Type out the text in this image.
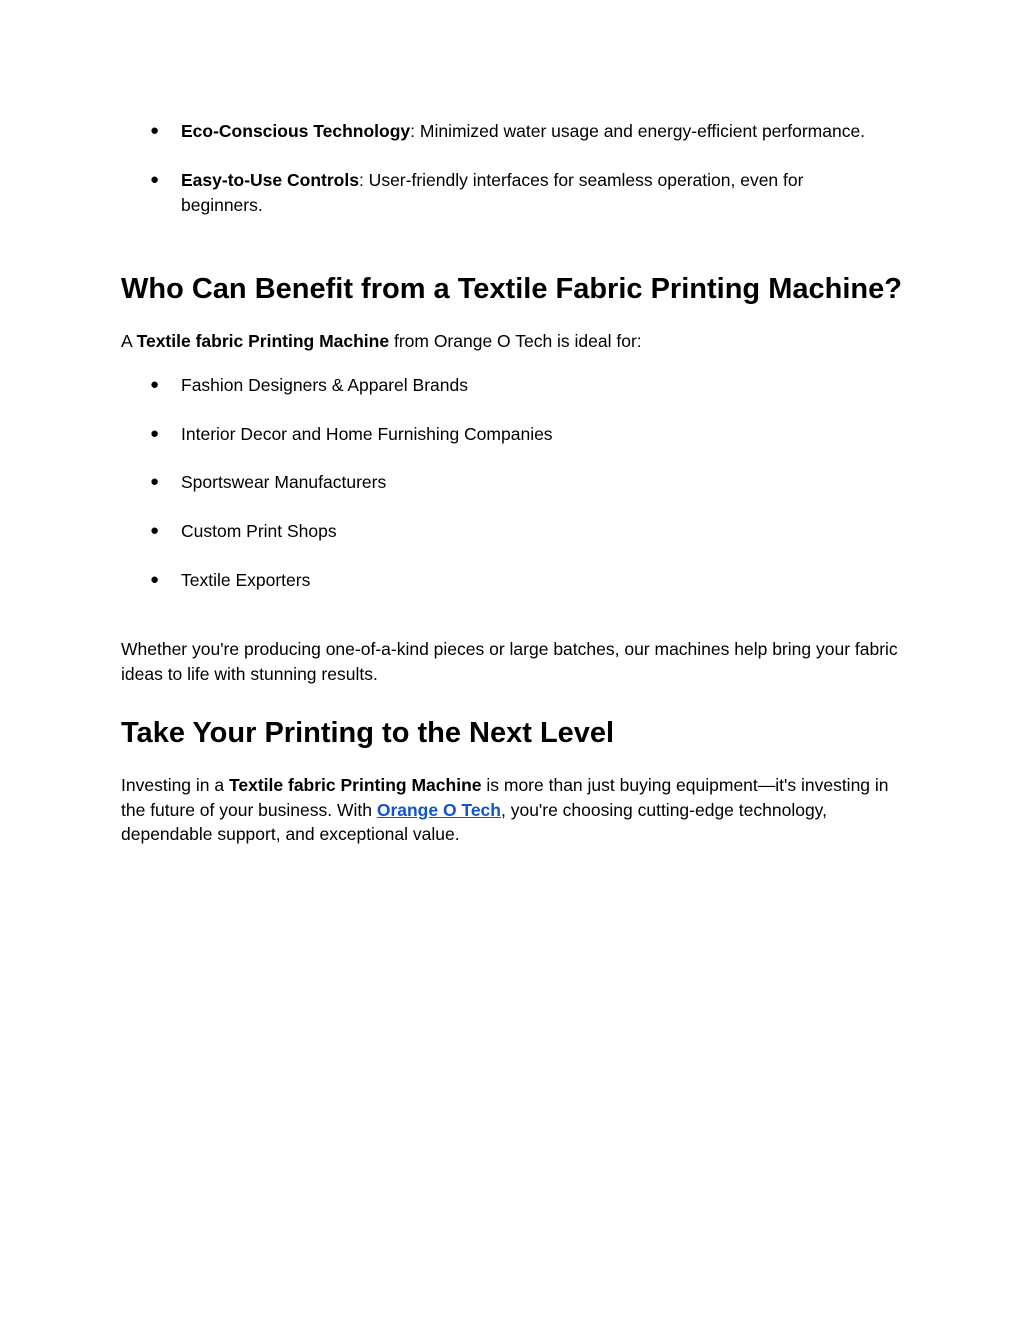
● Eco-Conscious Technology: Minimized water usage and energy-efficient performance.

● Easy-to-Use Controls: User-friendly interfaces for seamless operation, even for beginners.

Who Can Benefit from a Textile Fabric Printing Machine?

A Textile fabric Printing Machine from Orange O Tech is ideal for:

● Fashion Designers & Apparel Brands

● Interior Decor and Home Furnishing Companies

● Sportswear Manufacturers

● Custom Print Shops

● Textile Exporters

Whether you're producing one-of-a-kind pieces or large batches, our machines help bring your fabric ideas to life with stunning results.

Take Your Printing to the Next Level

Investing in a Textile fabric Printing Machine is more than just buying equipment—it's investing in the future of your business. With Orange O Tech, you're choosing cutting-edge technology, dependable support, and exceptional value.
